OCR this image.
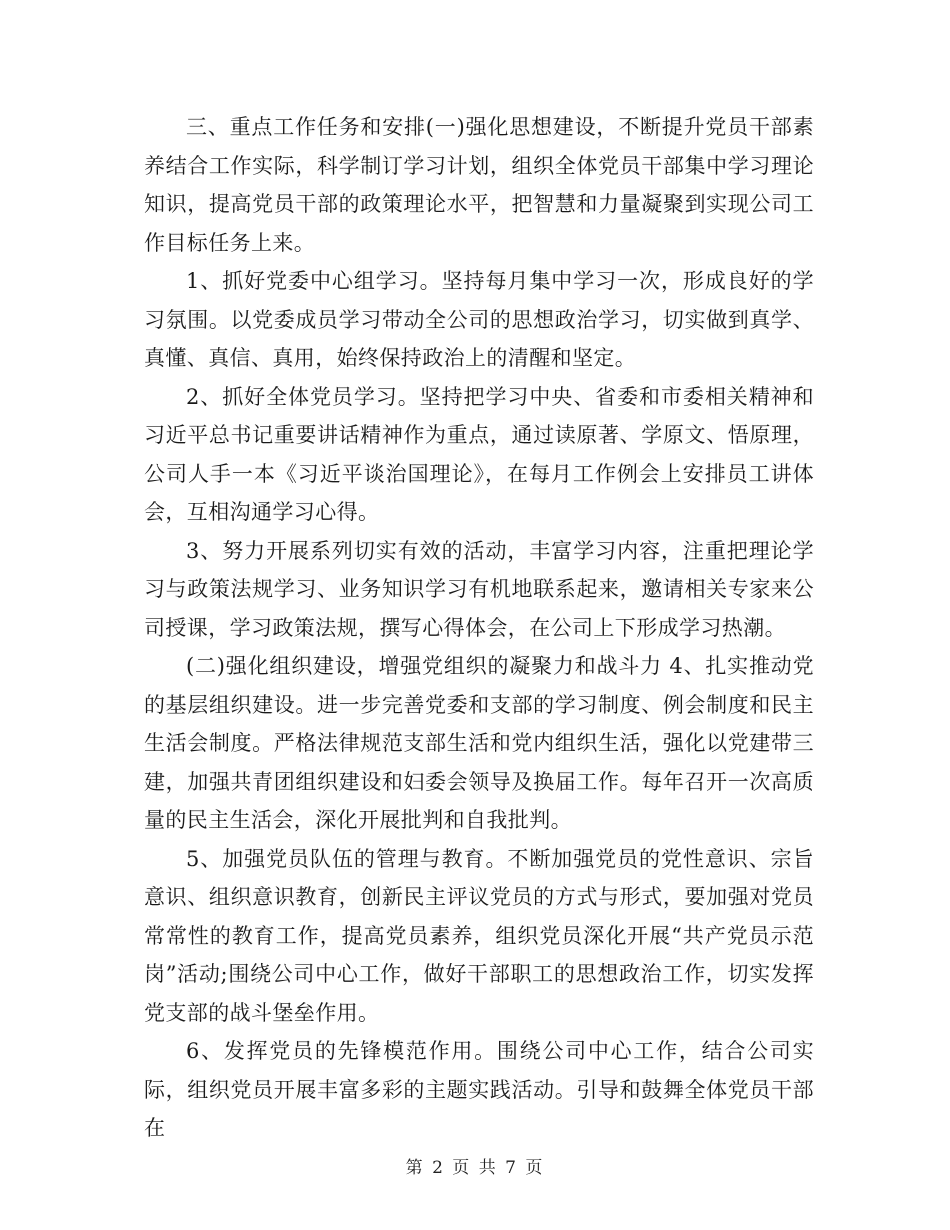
三、重点工作任务和安排(一)强化思想建设，不断提升党员干部素养结合工作实际，科学制订学习计划，组织全体党员干部集中学习理论知识，提高党员干部的政策理论水平，把智慧和力量凝聚到实现公司工作目标任务上来。

1、抓好党委中心组学习。坚持每月集中学习一次，形成良好的学习氛围。以党委成员学习带动全公司的思想政治学习，切实做到真学、真懂、真信、真用，始终保持政治上的清醒和坚定。

2、抓好全体党员学习。坚持把学习中央、省委和市委相关精神和习近平总书记重要讲话精神作为重点，通过读原著、学原文、悟原理，公司人手一本《习近平谈治国理论》，在每月工作例会上安排员工讲体会，互相沟通学习心得。

3、努力开展系列切实有效的活动，丰富学习内容，注重把理论学习与政策法规学习、业务知识学习有机地联系起来，邀请相关专家来公司授课，学习政策法规，撰写心得体会，在公司上下形成学习热潮。

(二)强化组织建设，增强党组织的凝聚力和战斗力 4、扎实推动党的基层组织建设。进一步完善党委和支部的学习制度、例会制度和民主生活会制度。严格法律规范支部生活和党内组织生活，强化以党建带三建，加强共青团组织建设和妇委会领导及换届工作。每年召开一次高质量的民主生活会，深化开展批判和自我批判。

5、加强党员队伍的管理与教育。不断加强党员的党性意识、宗旨意识、组织意识教育，创新民主评议党员的方式与形式，要加强对党员常常性的教育工作，提高党员素养，组织党员深化开展“共产党员示范岗”活动;围绕公司中心工作，做好干部职工的思想政治工作，切实发挥党支部的战斗堡垒作用。

6、发挥党员的先锋模范作用。围绕公司中心工作，结合公司实际，组织党员开展丰富多彩的主题实践活动。引导和鼓舞全体党员干部在

第 2 页 共 7 页
